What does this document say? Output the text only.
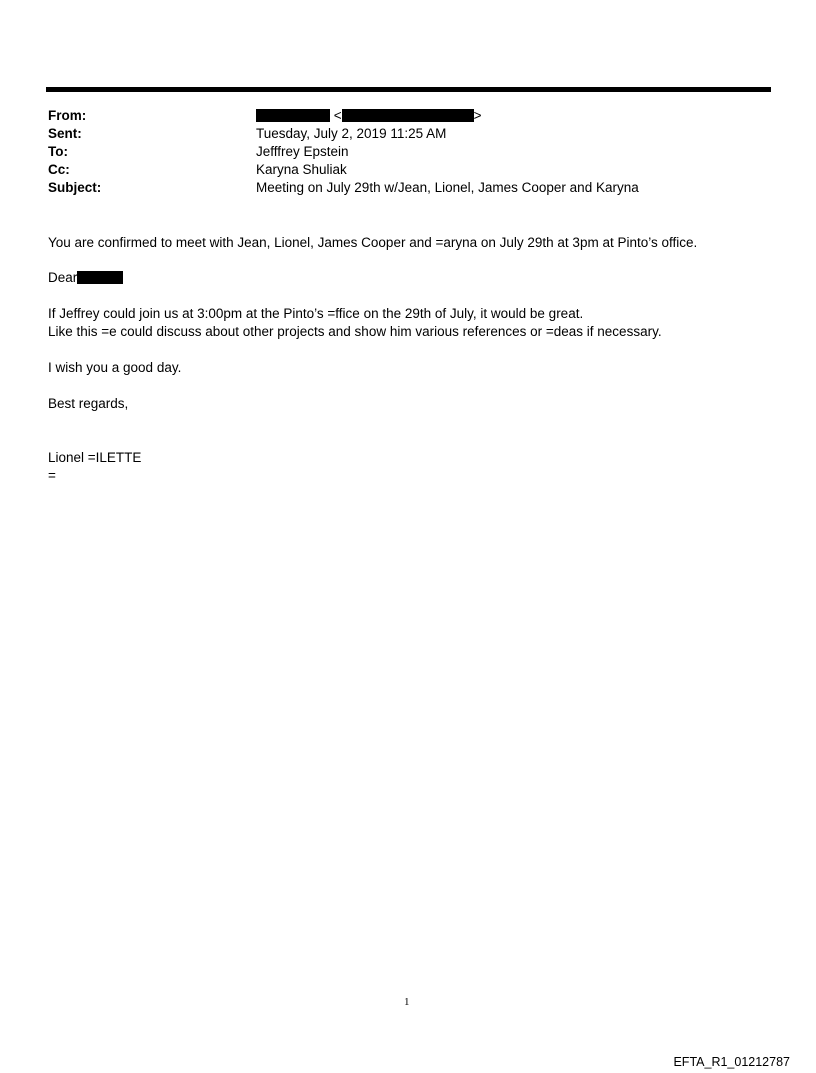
From:	<	>
Sent:	Tuesday, July 2, 2019 11:25 AM
To:	Jefffrey Epstein
Cc:	Karyna Shuliak
Subject:	Meeting on July 29th w/Jean, Lionel, James Cooper and Karyna
You are confirmed to meet with Jean, Lionel, James Cooper and =aryna on July 29th at 3pm at Pinto’s office.
Dear
If Jeffrey could join us at 3:00pm at the Pinto’s =ffice on the 29th of July, it would be great.
Like this =e could discuss about other projects and show him various references or =deas if necessary.
I wish you a good day.
Best regards,
Lionel =ILETTE
=
1
EFTA_R1_01212787
